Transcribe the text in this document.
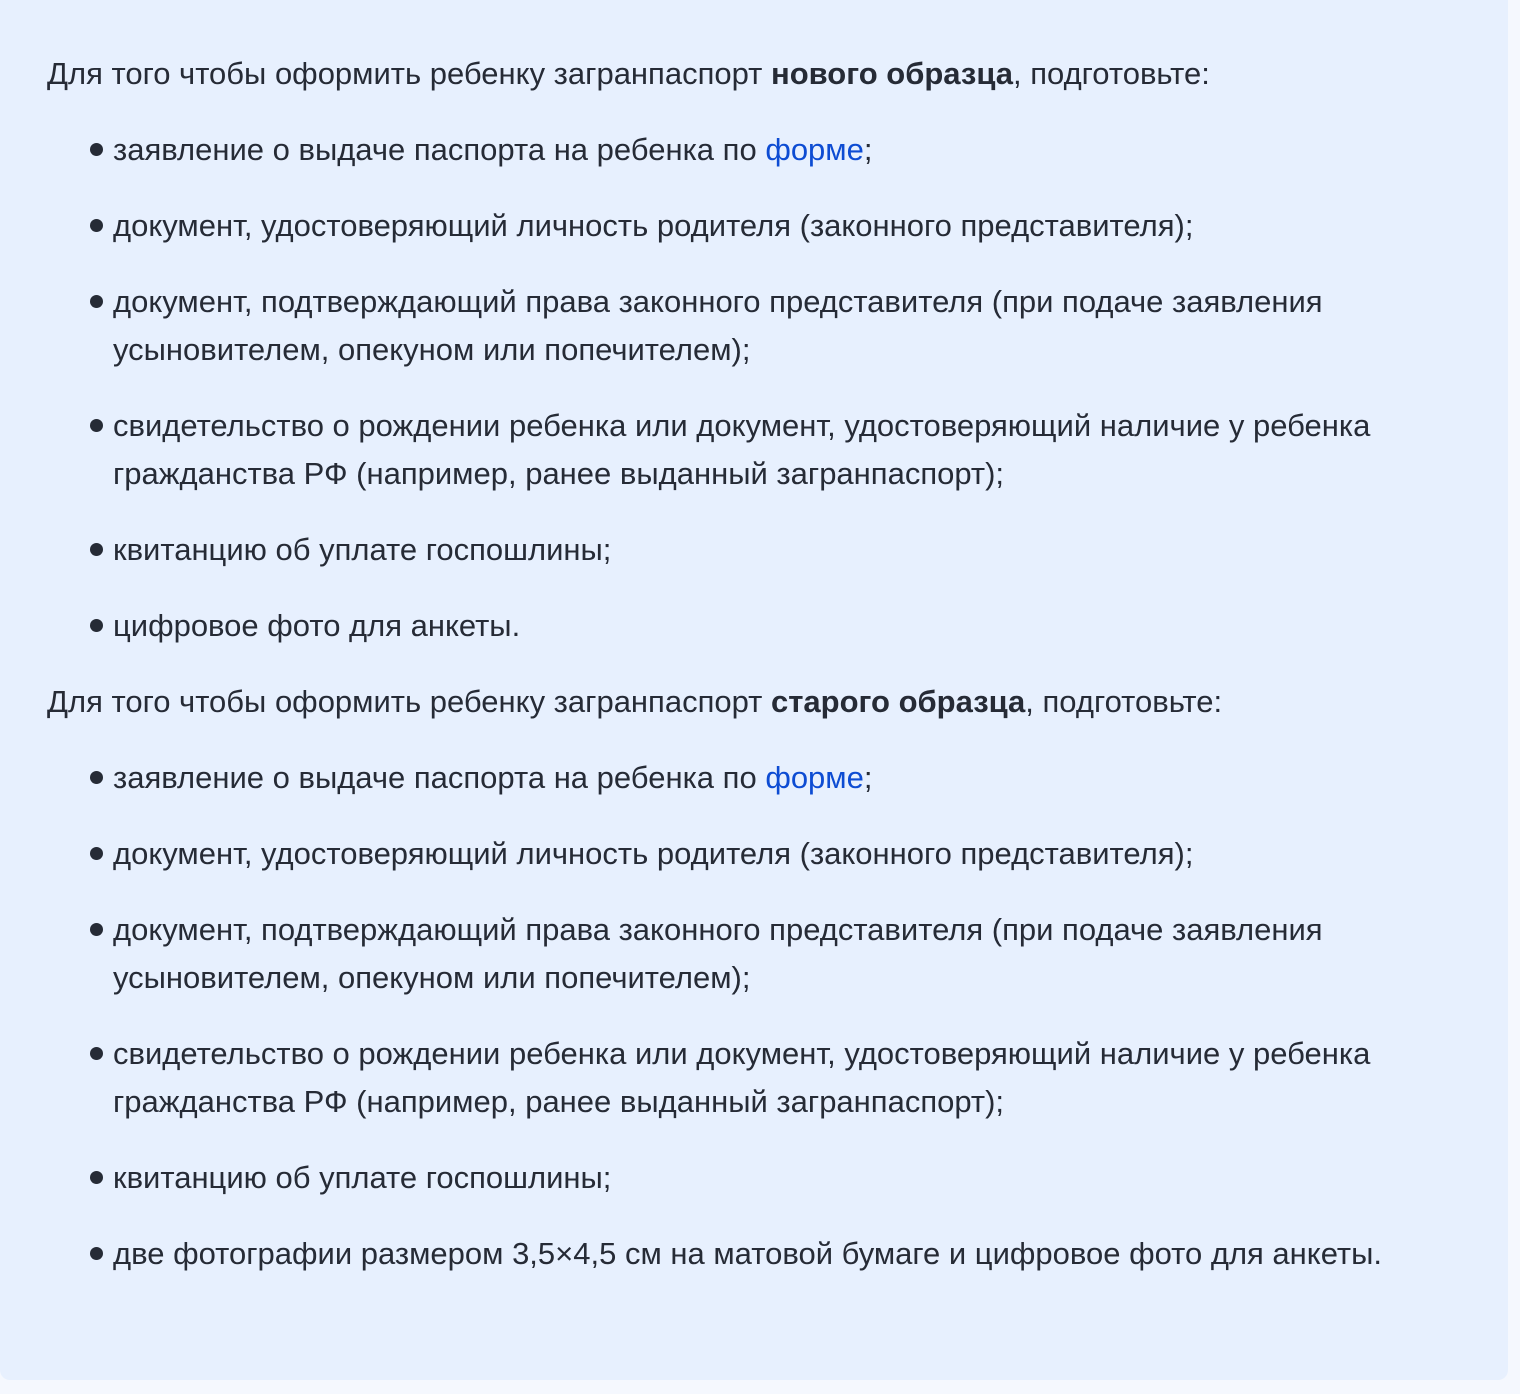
Для того чтобы оформить ребенку загранпаспорт нового образца, подготовьте:

заявление о выдаче паспорта на ребенка по форме;
документ, удостоверяющий личность родителя (законного представителя);
документ, подтверждающий права законного представителя (при подаче заявления усыновителем, опекуном или попечителем);
свидетельство о рождении ребенка или документ, удостоверяющий наличие у ребенка гражданства РФ (например, ранее выданный загранпаспорт);
квитанцию об уплате госпошлины;
цифровое фото для анкеты.

Для того чтобы оформить ребенку загранпаспорт старого образца, подготовьте:

заявление о выдаче паспорта на ребенка по форме;
документ, удостоверяющий личность родителя (законного представителя);
документ, подтверждающий права законного представителя (при подаче заявления усыновителем, опекуном или попечителем);
свидетельство о рождении ребенка или документ, удостоверяющий наличие у ребенка гражданства РФ (например, ранее выданный загранпаспорт);
квитанцию об уплате госпошлины;
две фотографии размером 3,5×4,5 см на матовой бумаге и цифровое фото для анкеты.
